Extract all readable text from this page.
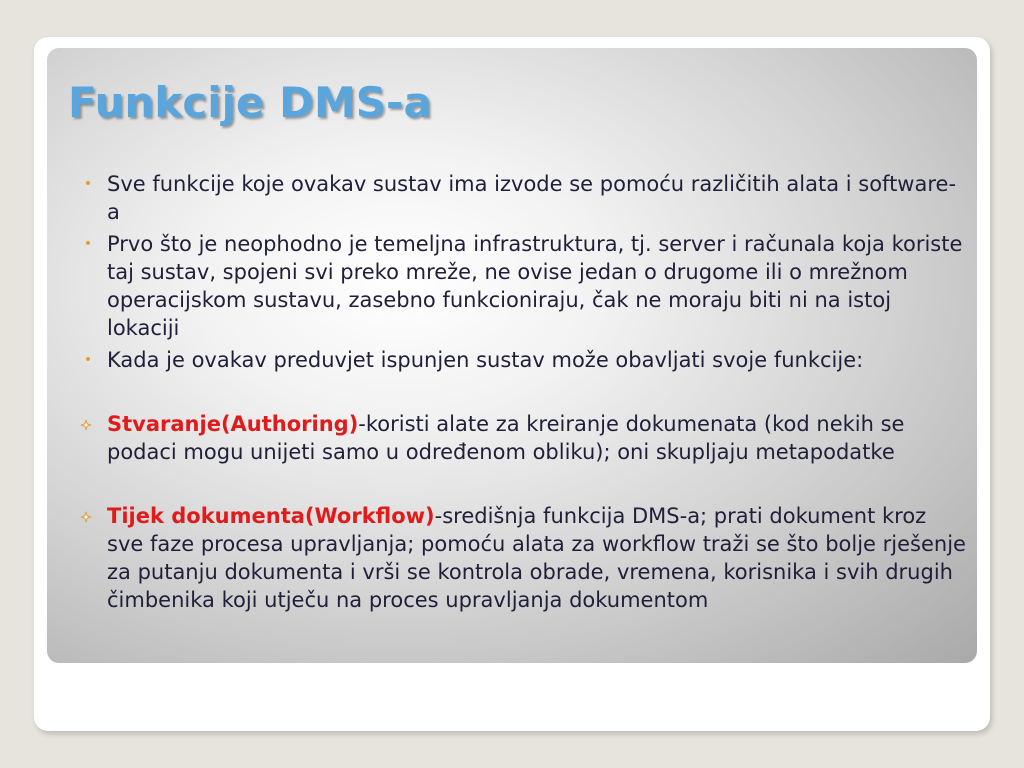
Funkcije DMS-a

• Sve funkcije koje ovakav sustav ima izvode se pomoću različitih alata i software-a

• Prvo što je neophodno je temeljna infrastruktura, tj. server i računala koja koriste taj sustav, spojeni svi preko mreže, ne ovise jedan o drugome ili o mrežnom operacijskom sustavu, zasebno funkcioniraju, čak ne moraju biti ni na istoj lokaciji

• Kada je ovakav preduvjet ispunjen sustav može obavljati svoje funkcije:

Stvaranje(Authoring)-koristi alate za kreiranje dokumenata (kod nekih se podaci mogu unijeti samo u određenom obliku); oni skupljaju metapodatke

Tijek dokumenta(Workflow)-središnja funkcija DMS-a; prati dokument kroz sve faze procesa upravljanja; pomoću alata za workflow traži se što bolje rješenje za putanju dokumenta i vrši se kontrola obrade, vremena, korisnika i svih drugih čimbenika koji utječu na proces upravljanja dokumentom
